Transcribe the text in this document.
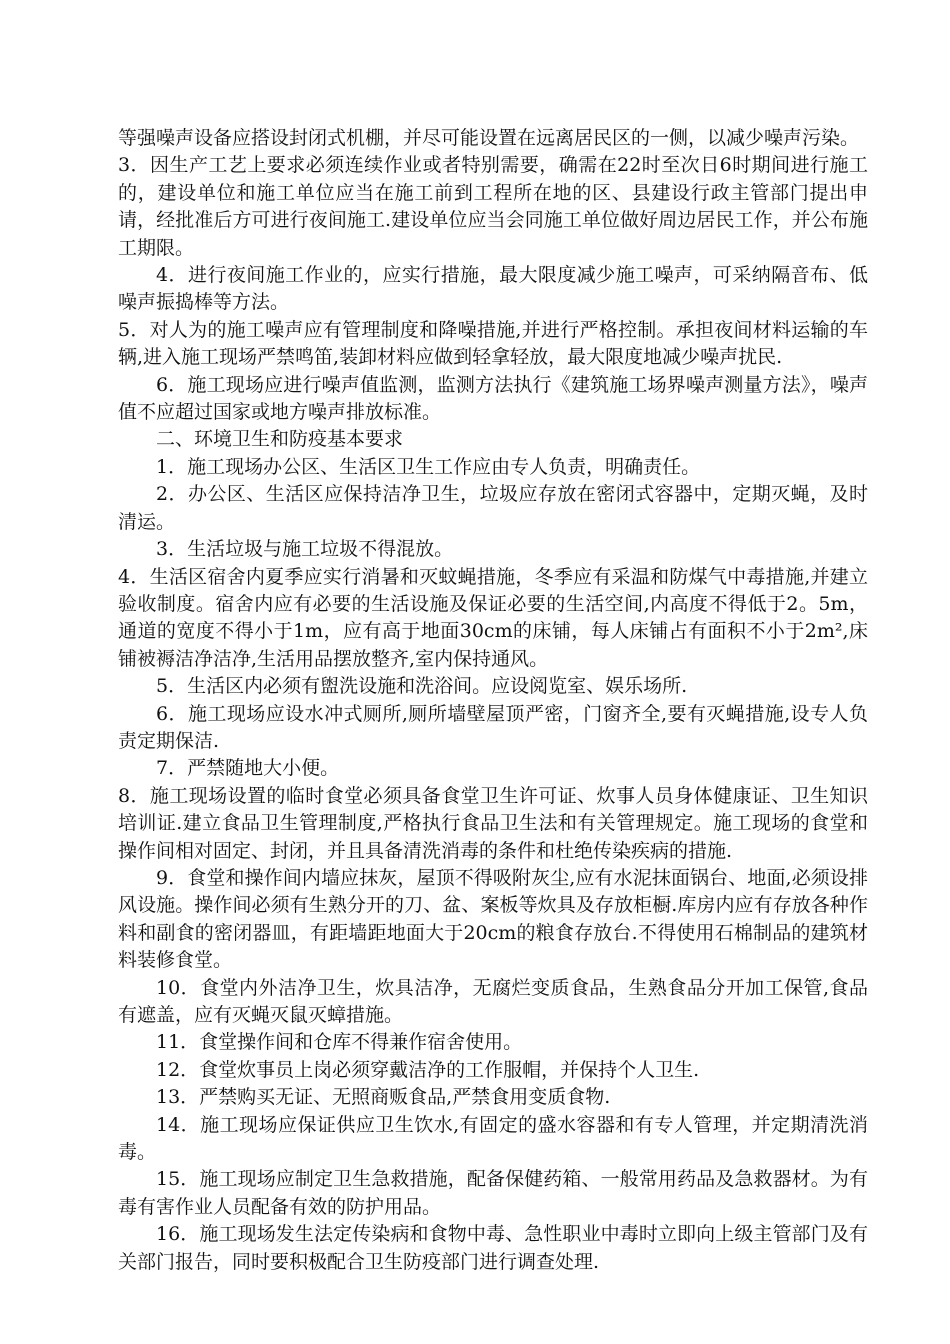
等强噪声设备应搭设封闭式机棚，并尽可能设置在远离居民区的一侧，以减少噪声污染。

3．因生产工艺上要求必须连续作业或者特别需要，确需在22时至次日6时期间进行施工的，建设单位和施工单位应当在施工前到工程所在地的区、县建设行政主管部门提出申请，经批准后方可进行夜间施工.建设单位应当会同施工单位做好周边居民工作，并公布施工期限。

4．进行夜间施工作业的，应实行措施，最大限度减少施工噪声，可采纳隔音布、低噪声振捣棒等方法。

5．对人为的施工噪声应有管理制度和降噪措施,并进行严格控制。承担夜间材料运输的车辆,进入施工现场严禁鸣笛,装卸材料应做到轻拿轻放，最大限度地减少噪声扰民.

6．施工现场应进行噪声值监测，监测方法执行《建筑施工场界噪声测量方法》，噪声值不应超过国家或地方噪声排放标准。

二、环境卫生和防疫基本要求

1．施工现场办公区、生活区卫生工作应由专人负责，明确责任。

2．办公区、生活区应保持洁净卫生，垃圾应存放在密闭式容器中，定期灭蝇，及时清运。

3．生活垃圾与施工垃圾不得混放。

4．生活区宿舍内夏季应实行消暑和灭蚊蝇措施，冬季应有采温和防煤气中毒措施,并建立验收制度。宿舍内应有必要的生活设施及保证必要的生活空间,内高度不得低于2。5m，通道的宽度不得小于1m，应有高于地面30cm的床铺，每人床铺占有面积不小于2m²,床铺被褥洁净洁净,生活用品摆放整齐,室内保持通风。

5．生活区内必须有盥洗设施和洗浴间。应设阅览室、娱乐场所.

6．施工现场应设水冲式厕所,厕所墙壁屋顶严密，门窗齐全,要有灭蝇措施,设专人负责定期保洁.

7．严禁随地大小便。

8．施工现场设置的临时食堂必须具备食堂卫生许可证、炊事人员身体健康证、卫生知识培训证.建立食品卫生管理制度,严格执行食品卫生法和有关管理规定。施工现场的食堂和操作间相对固定、封闭，并且具备清洗消毒的条件和杜绝传染疾病的措施.

9．食堂和操作间内墙应抹灰，屋顶不得吸附灰尘,应有水泥抹面锅台、地面,必须设排风设施。操作间必须有生熟分开的刀、盆、案板等炊具及存放柜橱.库房内应有存放各种作料和副食的密闭器皿，有距墙距地面大于20cm的粮食存放台.不得使用石棉制品的建筑材料装修食堂。

10．食堂内外洁净卫生，炊具洁净，无腐烂变质食品，生熟食品分开加工保管,食品有遮盖，应有灭蝇灭鼠灭蟑措施。

11．食堂操作间和仓库不得兼作宿舍使用。

12．食堂炊事员上岗必须穿戴洁净的工作服帽，并保持个人卫生.

13．严禁购买无证、无照商贩食品,严禁食用变质食物.

14．施工现场应保证供应卫生饮水,有固定的盛水容器和有专人管理，并定期清洗消毒。

15．施工现场应制定卫生急救措施，配备保健药箱、一般常用药品及急救器材。为有毒有害作业人员配备有效的防护用品。

16．施工现场发生法定传染病和食物中毒、急性职业中毒时立即向上级主管部门及有关部门报告，同时要积极配合卫生防疫部门进行调查处理.
